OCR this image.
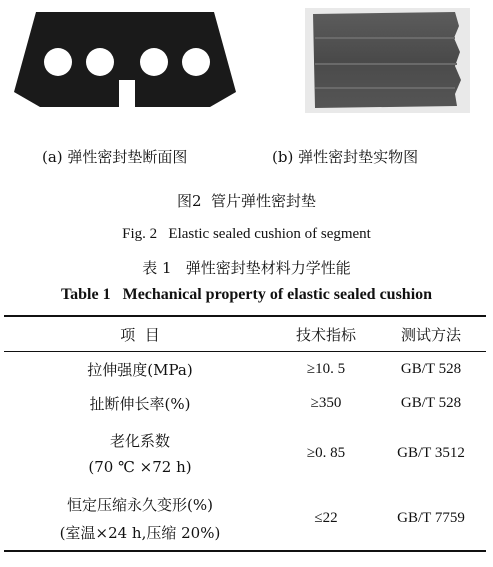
(a) 弹性密封垫断面图	(b) 弹性密封垫实物图
图2  管片弹性密封垫
Fig. 2   Elastic sealed cushion of segment
表 1   弹性密封垫材料力学性能
Table 1   Mechanical property of elastic sealed cushion
项  目	技术指标	测试方法
拉伸强度(MPa)	≥10. 5	GB/T 528
扯断伸长率(%)	≥350	GB/T 528
老化系数
(70 ℃ ×72 h)	≥0. 85	GB/T 3512
恒定压缩永久变形(%)
(室温×24 h,压缩 20%)	≤22	GB/T 7759
